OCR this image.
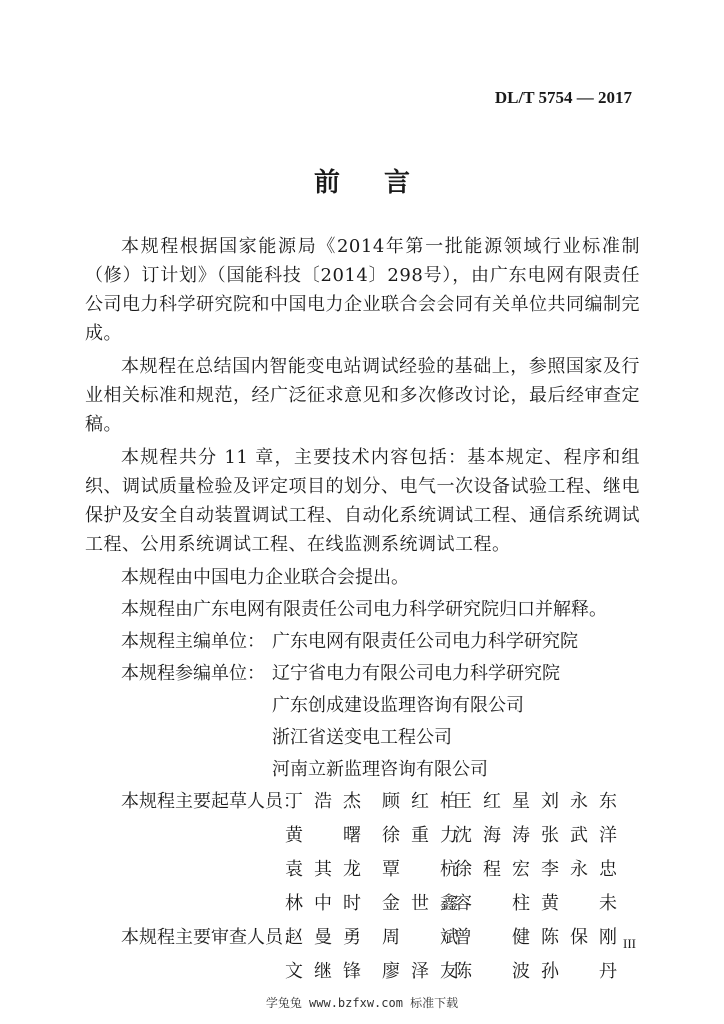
DL/T 5754 — 2017
前言

本规程根据国家能源局《2014年第一批能源领域行业标准制（修）订计划》（国能科技〔2014〕298号），由广东电网有限责任公司电力科学研究院和中国电力企业联合会会同有关单位共同编制完成。

本规程在总结国内智能变电站调试经验的基础上，参照国家及行业相关标准和规范，经广泛征求意见和多次修改讨论，最后经审查定稿。

本规程共分 11 章，主要技术内容包括：基本规定、程序和组织、调试质量检验及评定项目的划分、电气一次设备试验工程、继电保护及安全自动装置调试工程、自动化系统调试工程、通信系统调试工程、公用系统调试工程、在线监测系统调试工程。

本规程由中国电力企业联合会提出。
本规程由广东电网有限责任公司电力科学研究院归口并解释。
本规程主编单位： 广东电网有限责任公司电力科学研究院
本规程参编单位： 辽宁省电力有限公司电力科学研究院
广东创成建设监理咨询有限公司
浙江省送变电工程公司
河南立新监理咨询有限公司
本规程主要起草人员：
丁浩杰 顾红柏
王红星 刘永东
黄曙 徐重力
沈海涛 张武洋
袁其龙 覃杭
徐程宏 李永忠
林中时 金世鑫
容柱 黄未
本规程主要审查人员：
赵曼勇 周斌
曾健 陈保刚
文继锋 廖泽友
陈波 孙丹
III
学兔兔 www.bzfxw.com 标准下载
